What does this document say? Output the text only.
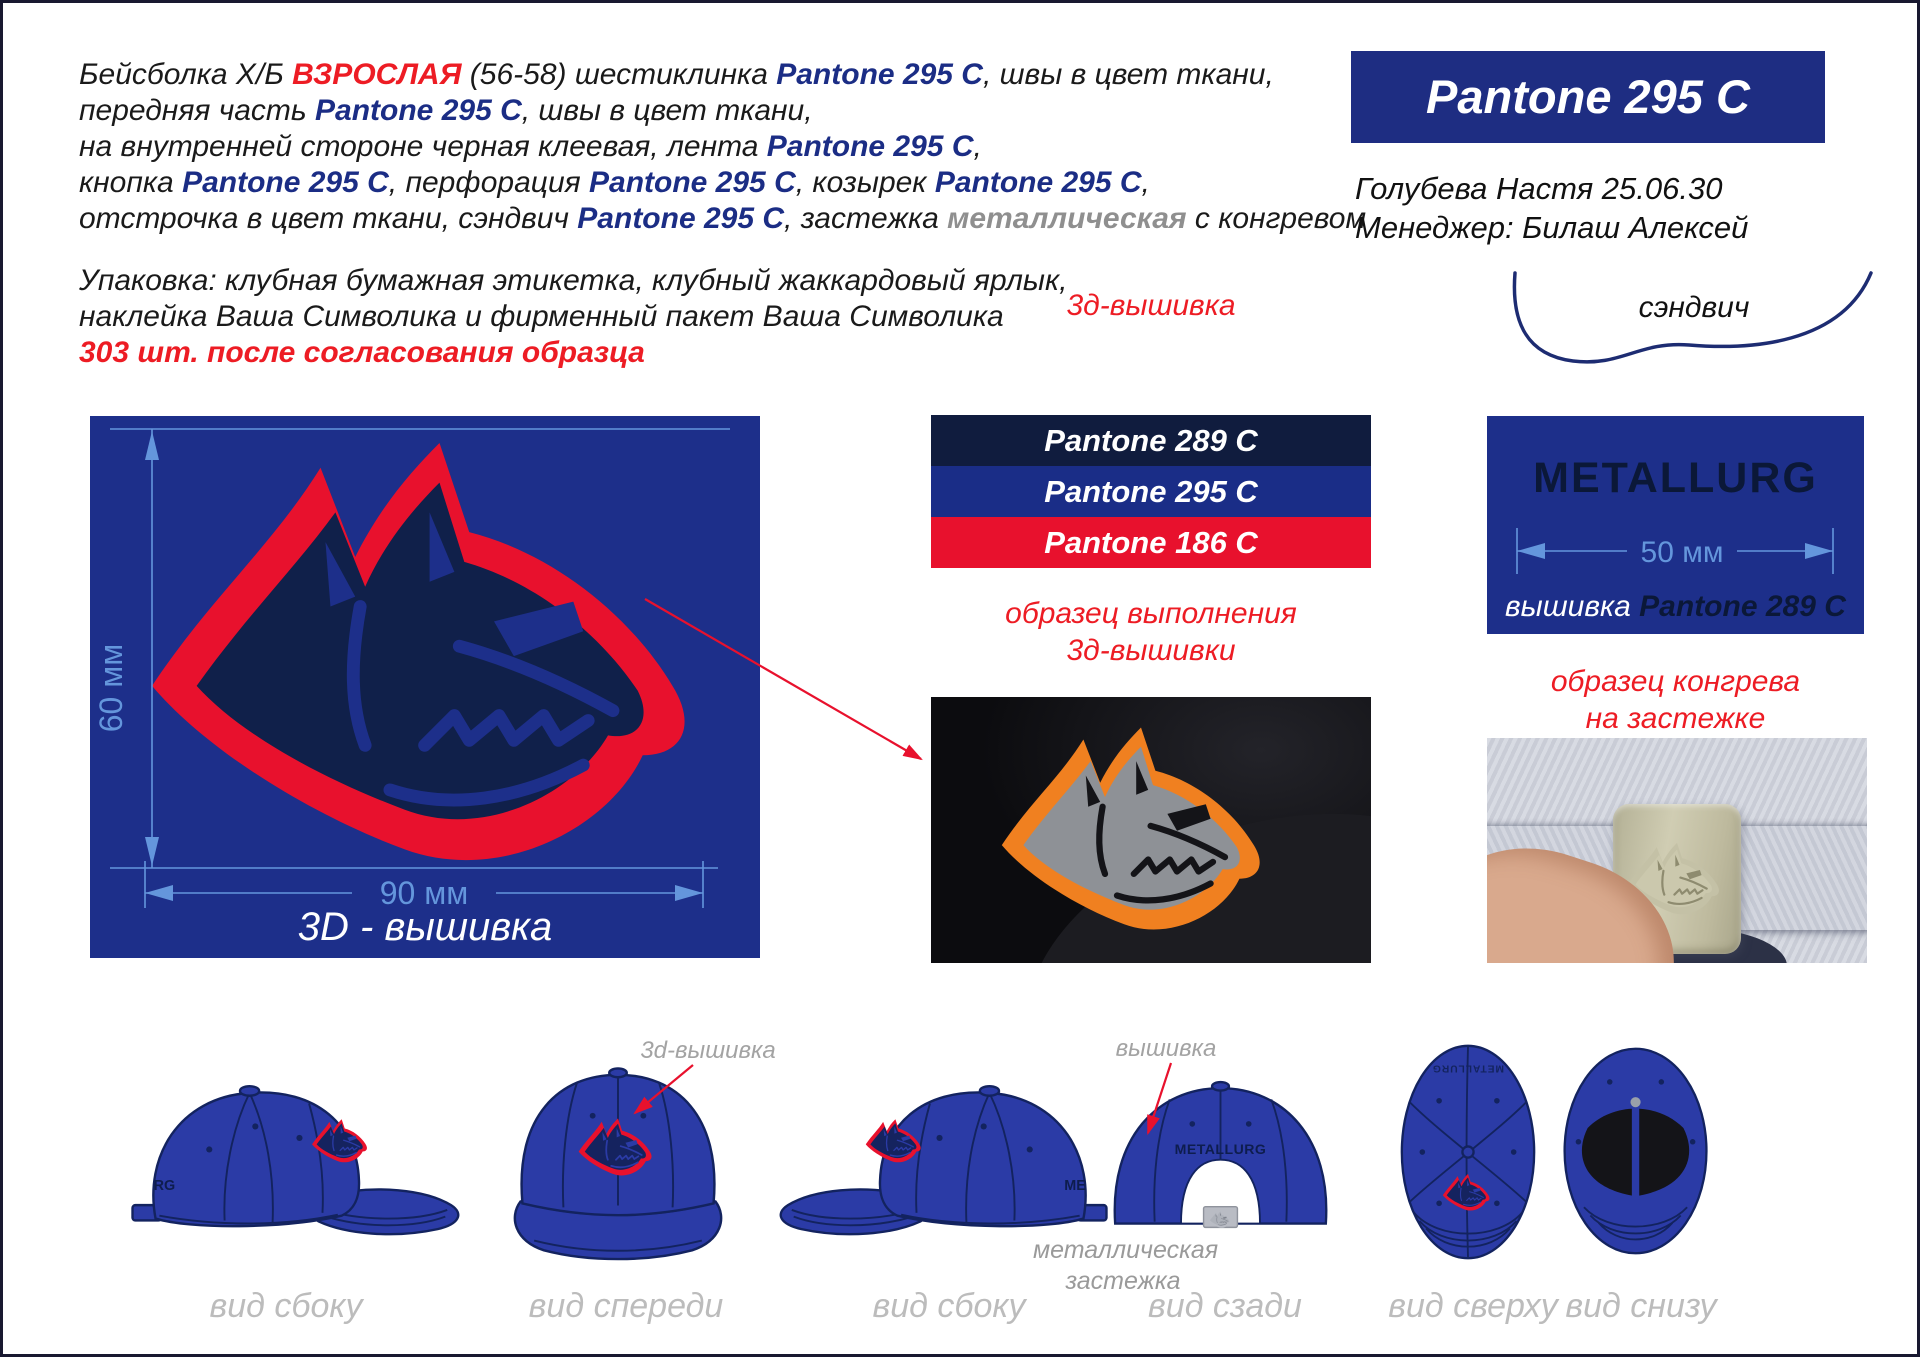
Бейсболка Х/Б ВЗРОСЛАЯ (56-58) шестиклинка Pantone 295 C, швы в цвет ткани,
передняя часть Pantone 295 C, швы в цвет ткани,
на внутренней стороне черная клеевая, лента Pantone 295 C,
кнопка Pantone 295 C, перфорация Pantone 295 C, козырек Pantone 295 C,
отстрочка в цвет ткани, сэндвич Pantone 295 C, застежка металлическая с конгревом
Упаковка: клубная бумажная этикетка, клубный жаккардовый ярлык,
наклейка Ваша Символика и фирменный пакет Ваша Символика
303 шт. после согласования образца
Pantone 295 C
Голубева Настя 25.06.30
Менеджер: Билаш Алексей
сэндвич
60 мм
90 мм
3D - вышивка
3д-вышивка
Pantone 289 C
Pantone 295 C
Pantone 186 C
образец выполнения
3д-вышивки
METALLURG
50 мм
вышивка Pantone 289 C
образец конгрева
на застежке
RG	ME
METALLURG
METALLURG
3d-вышивка	вышивка
металлическая
застежка
вид сбоку	вид спереди	вид сбоку	вид сзади	вид сверху вид снизу
